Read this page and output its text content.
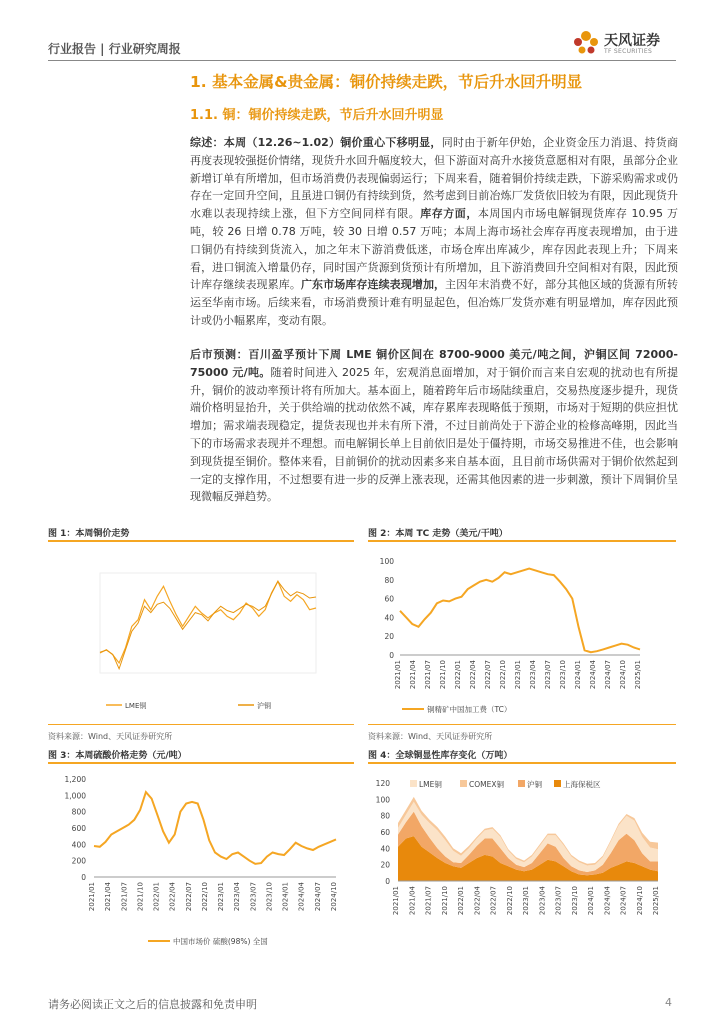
行业报告 | 行业研究周报	天风证券
TF SECURITIES
1. 基本金属&贵金属：铜价持续走跌，节后升水回升明显
1.1. 铜：铜价持续走跌，节后升水回升明显
综述：本周（12.26~1.02）铜价重心下移明显，同时由于新年伊始，企业资金压力消退、持货商再度表现较强挺价情绪，现货升水回升幅度较大，但下游面对高升水接货意愿相对有限，虽部分企业新增订单有所增加，但市场消费仍表现偏弱运行；下周来看，随着铜价持续走跌，下游采购需求或仍存在一定回升空间，且虽进口铜仍有持续到货，然考虑到目前冶炼厂发货依旧较为有限，因此现货升水难以表现持续上涨，但下方空间同样有限。库存方面，本周国内市场电解铜现货库存 10.95 万吨，较 26 日增 0.78 万吨，较 30 日增 0.57 万吨；本周上海市场社会库存再度表现增加，由于进口铜仍有持续到货流入，加之年末下游消费低迷，市场仓库出库减少，库存因此表现上升；下周来看，进口铜流入增量仍存，同时国产货源到货预计有所增加，且下游消费回升空间相对有限，因此预计库存继续表现累库。广东市场库存连续表现增加，主因年末消费不好，部分其他区域的货源有所转运至华南市场。后续来看，市场消费预计难有明显起色，但冶炼厂发货亦难有明显增加，库存因此预计或仍小幅累库，变动有限。
后市预测：百川盈孚预计下周 LME 铜价区间在 8700-9000 美元/吨之间，沪铜区间 72000-75000 元/吨。随着时间进入 2025 年，宏观消息面增加，对于铜价而言来自宏观的扰动也有所提升，铜价的波动率预计将有所加大。基本面上，随着跨年后市场陆续重启，交易热度逐步提升，现货端价格明显抬升，关于供给端的扰动依然不减，库存累库表现略低于预期，市场对于短期的供应担忧增加；需求端表现稳定，提货表现也并未有所下滑，不过目前尚处于下游企业的检修高峰期，因此当下的市场需求表现并不理想。而电解铜长单上目前依旧是处于僵持期，市场交易推进不佳，也会影响到现货提至铜价。整体来看，目前铜价的扰动因素多来自基本面，且目前市场供需对于铜价依然起到一定的支撑作用，不过想要有进一步的反弹上涨表现，还需其他因素的进一步刺激，预计下周铜价呈现微幅反弹趋势。
图 1：本周铜价走势
LME铜	沪铜
资料来源：Wind、天风证券研究所
图 2：本周 TC 走势（美元/干吨）
0
20
40
60
80
100
2021/01 2021/04 2021/07 2021/10 2022/01 2022/04 2022/07 2022/10 2023/01 2023/04 2023/07 2023/10 2024/01 2024/04 2024/07 2024/10 2025/01
铜精矿中国加工费（TC）
资料来源：Wind、天风证券研究所
图 3：本周硫酸价格走势（元/吨）
0
200
400
600
800
1,000
1,200
2021/01 2021/04 2021/07 2021/10 2022/01 2022/04 2022/07 2022/10 2023/01 2023/04 2023/07 2023/10 2024/01 2024/04 2024/07 2024/10
中国市场价 硫酸(98%) 全国
图 4：全球铜显性库存变化（万吨）
0
20
40
60
80
100
120
2021/01 2021/04 2021/07 2021/10 2022/01 2022/04 2022/07 2022/10 2023/01 2023/04 2023/07 2023/10 2024/01 2024/04 2024/07 2024/10 2025/01
LME铜	COMEX铜	沪铜	上海保税区
请务必阅读正文之后的信息披露和免责申明	4
